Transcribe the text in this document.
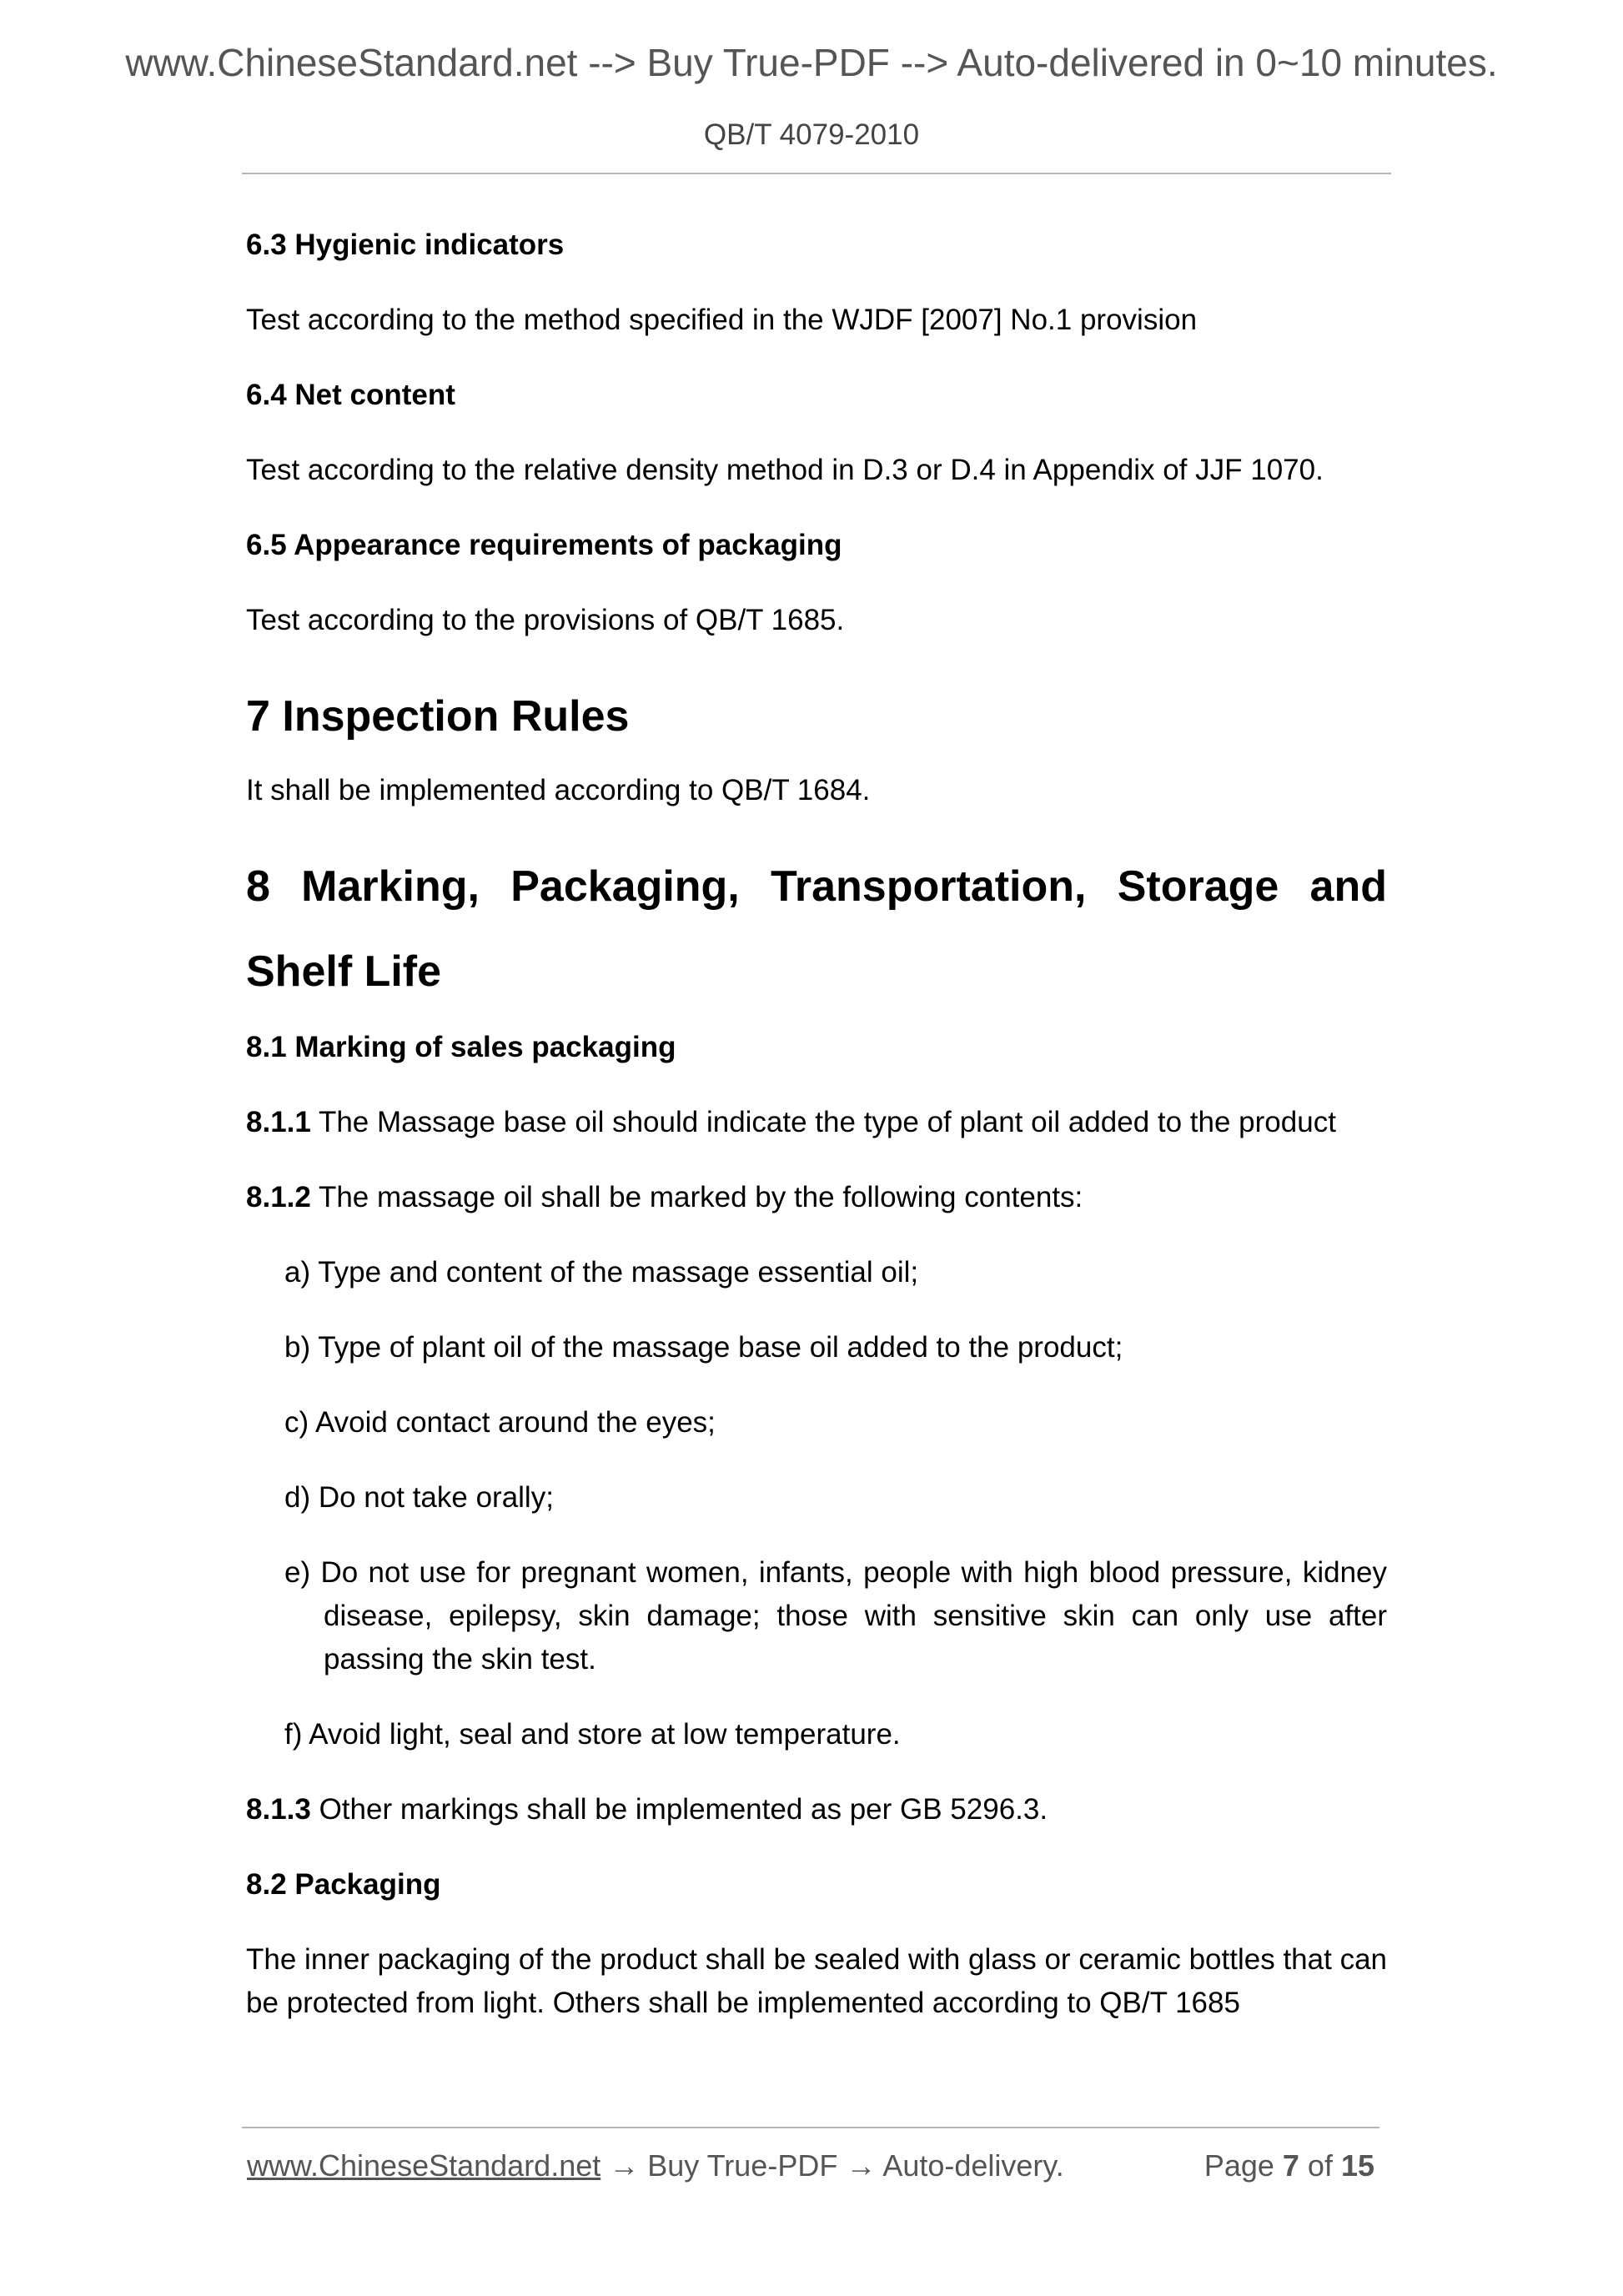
www.ChineseStandard.net --> Buy True-PDF --> Auto-delivered in 0~10 minutes.
QB/T 4079-2010
6.3 Hygienic indicators
Test according to the method specified in the WJDF [2007] No.1 provision
6.4 Net content
Test according to the relative density method in D.3 or D.4 in Appendix of JJF 1070.
6.5 Appearance requirements of packaging
Test according to the provisions of QB/T 1685.
7 Inspection Rules
It shall be implemented according to QB/T 1684.
8 Marking, Packaging, Transportation, Storage and
Shelf Life
8.1 Marking of sales packaging
8.1.1 The Massage base oil should indicate the type of plant oil added to the product
8.1.2 The massage oil shall be marked by the following contents:
a) Type and content of the massage essential oil;
b) Type of plant oil of the massage base oil added to the product;
c) Avoid contact around the eyes;
d) Do not take orally;
e) Do not use for pregnant women, infants, people with high blood pressure, kidney disease, epilepsy, skin damage; those with sensitive skin can only use after passing the skin test.
f) Avoid light, seal and store at low temperature.
8.1.3 Other markings shall be implemented as per GB 5296.3.
8.2 Packaging
The inner packaging of the product shall be sealed with glass or ceramic bottles that can be protected from light. Others shall be implemented according to QB/T 1685
www.ChineseStandard.net → Buy True-PDF → Auto-delivery.	Page 7 of 15
